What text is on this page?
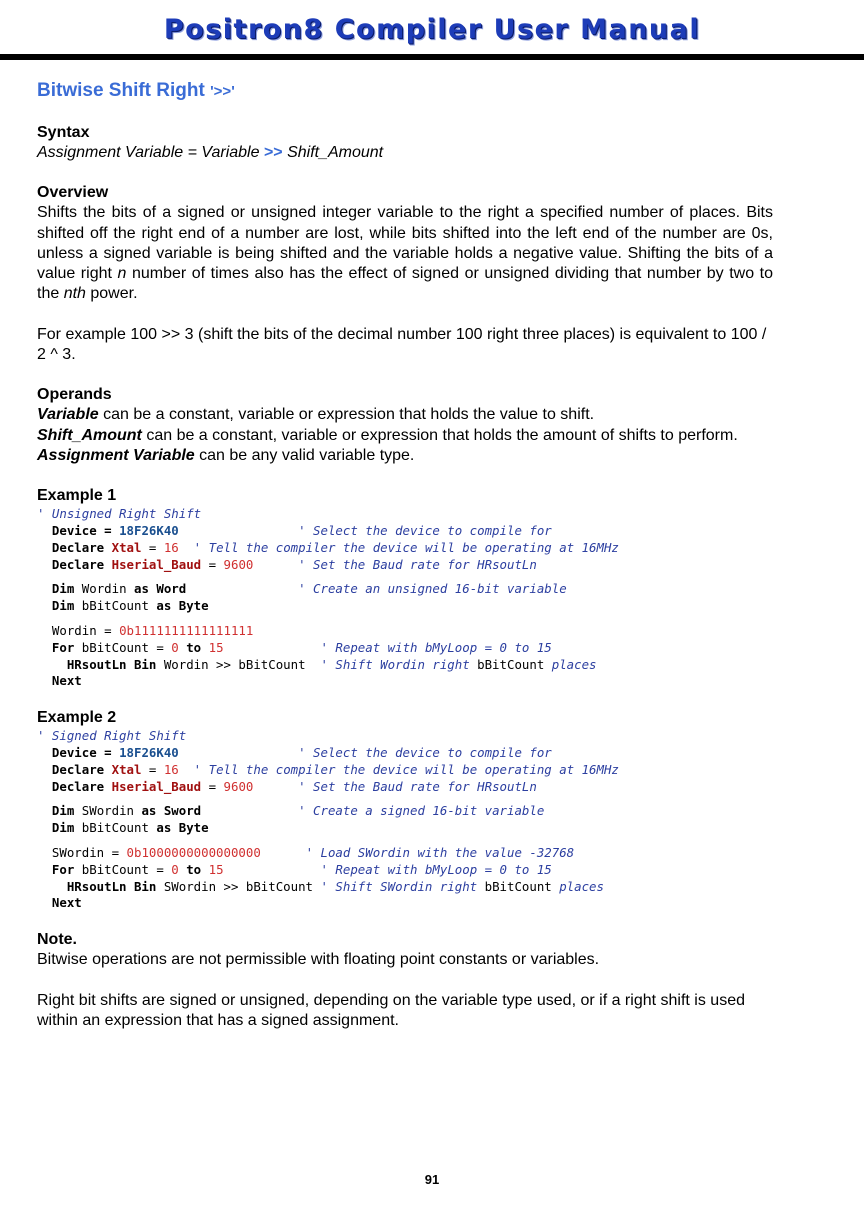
Positron8 Compiler User Manual
Bitwise Shift Right '>>'
Syntax
Assignment Variable = Variable >> Shift_Amount
Overview
Shifts the bits of a signed or unsigned integer variable to the right a specified number of places. Bits shifted off the right end of a number are lost, while bits shifted into the left end of the number are 0s, unless a signed variable is being shifted and the variable holds a negative value. Shifting the bits of a value right n number of times also has the effect of signed or unsigned dividing that number by two to the nth power.
For example 100 >> 3 (shift the bits of the decimal number 100 right three places) is equivalent to 100 / 2 ^ 3.
Operands
Variable can be a constant, variable or expression that holds the value to shift.
Shift_Amount can be a constant, variable or expression that holds the amount of shifts to perform.
Assignment Variable can be any valid variable type.
Example 1
' Unsigned Right Shift
Device = 18F26K40                ' Select the device to compile for
Declare Xtal = 16  ' Tell the compiler the device will be operating at 16MHz
Declare Hserial_Baud = 9600      ' Set the Baud rate for HRsoutLn
Dim Wordin as Word               ' Create an unsigned 16-bit variable
Dim bBitCount as Byte
Wordin = 0b1111111111111111
For bBitCount = 0 to 15             ' Repeat with bMyLoop = 0 to 15
HRsoutLn Bin Wordin >> bBitCount  ' Shift Wordin right bBitCount places
Next
Example 2
' Signed Right Shift
Device = 18F26K40                ' Select the device to compile for
Declare Xtal = 16  ' Tell the compiler the device will be operating at 16MHz
Declare Hserial_Baud = 9600      ' Set the Baud rate for HRsoutLn
Dim SWordin as Sword             ' Create a signed 16-bit variable
Dim bBitCount as Byte
SWordin = 0b1000000000000000      ' Load SWordin with the value -32768
For bBitCount = 0 to 15             ' Repeat with bMyLoop = 0 to 15
HRsoutLn Bin SWordin >> bBitCount ' Shift SWordin right bBitCount places
Next
Note.
Bitwise operations are not permissible with floating point constants or variables.
Right bit shifts are signed or unsigned, depending on the variable type used, or if a right shift is used within an expression that has a signed assignment.
91
